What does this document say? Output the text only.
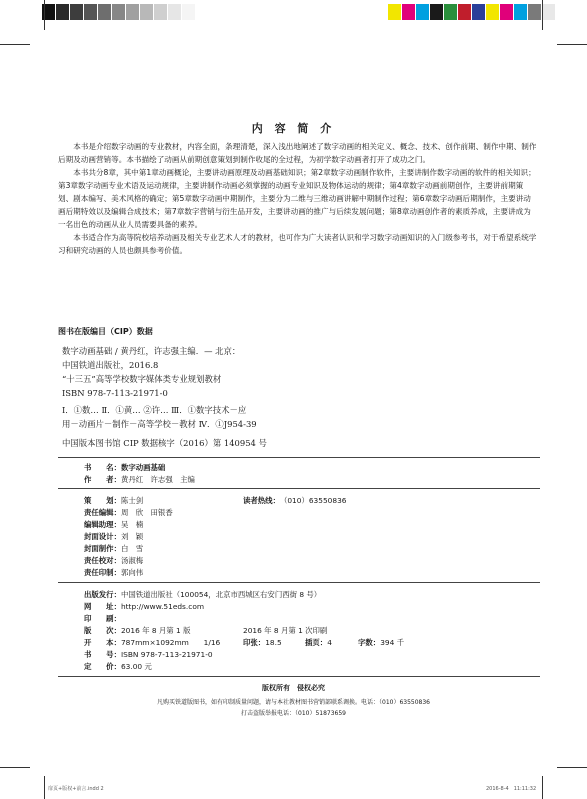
内 容 简 介

本书是介绍数字动画的专业教材，内容全面，条理清楚，深入浅出地阐述了数字动画的相关定义、概念、技术、创作前期、制作中期、制作后期及动画营销等。本书描绘了动画从前期创意策划到制作收尾的全过程，为初学数字动画者打开了成功之门。

本书共分8章，其中第1章动画概论，主要讲动画原理及动画基础知识；第2章数字动画制作软件，主要讲制作数字动画的软件的相关知识；第3章数字动画专业术语及运动规律，主要讲制作动画必须掌握的动画专业知识及物体运动的规律；第4章数字动画前期创作，主要讲前期策划、剧本编写、美术风格的确定；第5章数字动画中期制作，主要分为二维与三维动画讲解中期制作过程；第6章数字动画后期制作，主要讲动画后期特效以及编辑合成技术；第7章数字营销与衍生品开发，主要讲动画的推广与后续发展问题；第8章动画创作者的素质养成，主要讲成为一名出色的动画从业人员需要具备的素养。

本书适合作为高等院校培养动画及相关专业艺术人才的教材，也可作为广大读者认识和学习数字动画知识的入门级参考书，对于希望系统学习和研究动画的人员也颇具参考价值。

图书在版编目（CIP）数据

数字动画基础 / 黄丹红，许志强主编．— 北京：

中国铁道出版社，2016.8

“十三五”高等学校数字媒体类专业规划教材

ISBN 978-7-113-21971-0

Ⅰ．①数… Ⅱ．①黄… ②许… Ⅲ．①数字技术－应

用－动画片－制作－高等学校－教材 Ⅳ．①J954-39

中国版本图书馆 CIP 数据核字（2016）第 140954 号
书　　名：数字动画基础
作　　者：黄丹红　许志强　主编
策　　划：陈士剑	读者热线：（010）63550836
责任编辑：周　欣　田银香
编辑助理：吴　楠
封面设计：刘　颖
封面制作：白　雪
责任校对：汤淑梅
责任印制：郭向伟
出版发行：中国铁道出版社（100054，北京市西城区右安门西街 8 号）
网　　址：http://www.51eds.com
印　　刷：
版　　次：2016 年 8 月第 1 版	2016 年 8 月第 1 次印刷
开　　本：787mm×1092mm　　1/16	印张：18.5	插页：4	字数：394 千
书　　号：ISBN 978-7-113-21971-0
定　　价：63.00 元
版权所有　侵权必究
凡购买铁道版图书，如有印制质量问题，请与本社教材图书营销部联系调换。电话：（010）63550836
打击盗版举报电话：（010）51873659
扉页+版权+前言.indd 2	2016-8-4　11:11:32
